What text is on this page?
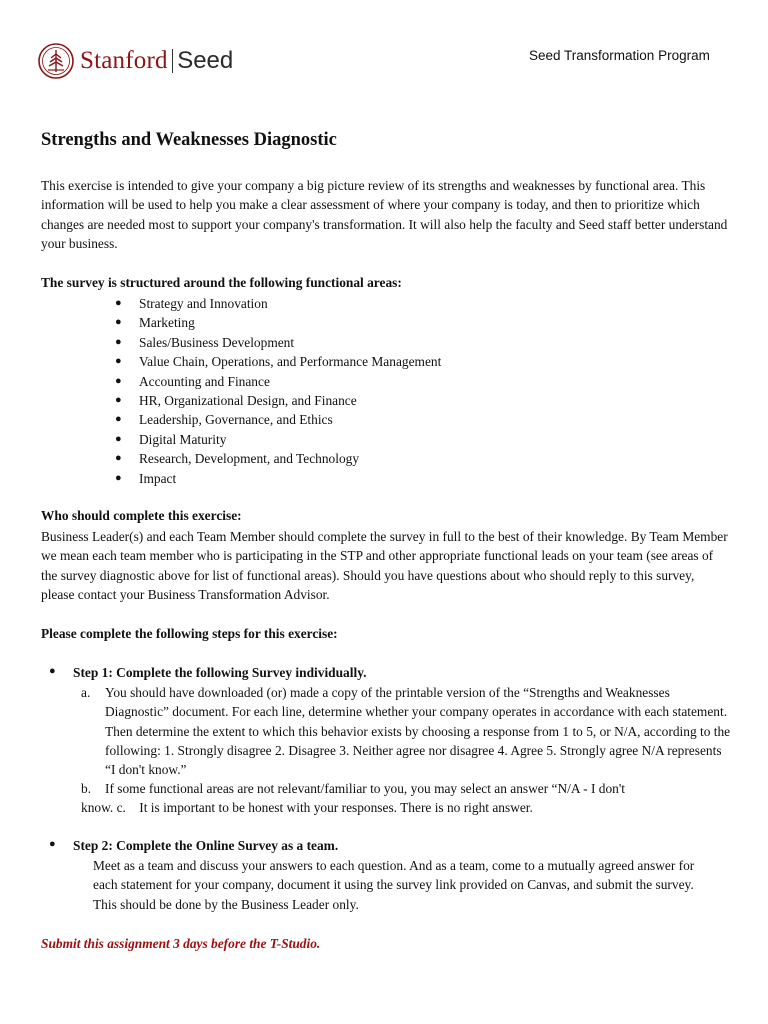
Stanford Seed	Seed Transformation Program
Strengths and Weaknesses Diagnostic
This exercise is intended to give your company a big picture review of its strengths and weaknesses by functional area. This information will be used to help you make a clear assessment of where your company is today, and then to prioritize which changes are needed most to support your company's transformation. It will also help the faculty and Seed staff better understand your business.
The survey is structured around the following functional areas:
●	Strategy and Innovation
●	Marketing
●	Sales/Business Development
●	Value Chain, Operations, and Performance Management
●	Accounting and Finance
●	HR, Organizational Design, and Finance
●	Leadership, Governance, and Ethics
●	Digital Maturity
●	Research, Development, and Technology
●	Impact
Who should complete this exercise:
Business Leader(s) and each Team Member should complete the survey in full to the best of their knowledge. By Team Member we mean each team member who is participating in the STP and other appropriate functional leads on your team (see areas of the survey diagnostic above for list of functional areas). Should you have questions about who should reply to this survey, please contact your Business Transformation Advisor.
Please complete the following steps for this exercise:
●	Step 1: Complete the following Survey individually.
a.	You should have downloaded (or) made a copy of the printable version of the “Strengths and Weaknesses Diagnostic” document. For each line, determine whether your company operates in accordance with each statement. Then determine the extent to which this behavior exists by choosing a response from 1 to 5, or N/A, according to the following: 1. Strongly disagree 2. Disagree 3. Neither agree nor disagree 4. Agree 5. Strongly agree N/A represents “I don't know.”
b.	If some functional areas are not relevant/familiar to you, you may select an answer “N/A - I don't
know. c. It is important to be honest with your responses. There is no right answer.
●	Step 2: Complete the Online Survey as a team.
Meet as a team and discuss your answers to each question. And as a team, come to a mutually agreed answer for each statement for your company, document it using the survey link provided on Canvas, and submit the survey. This should be done by the Business Leader only.
Submit this assignment 3 days before the T-Studio.
